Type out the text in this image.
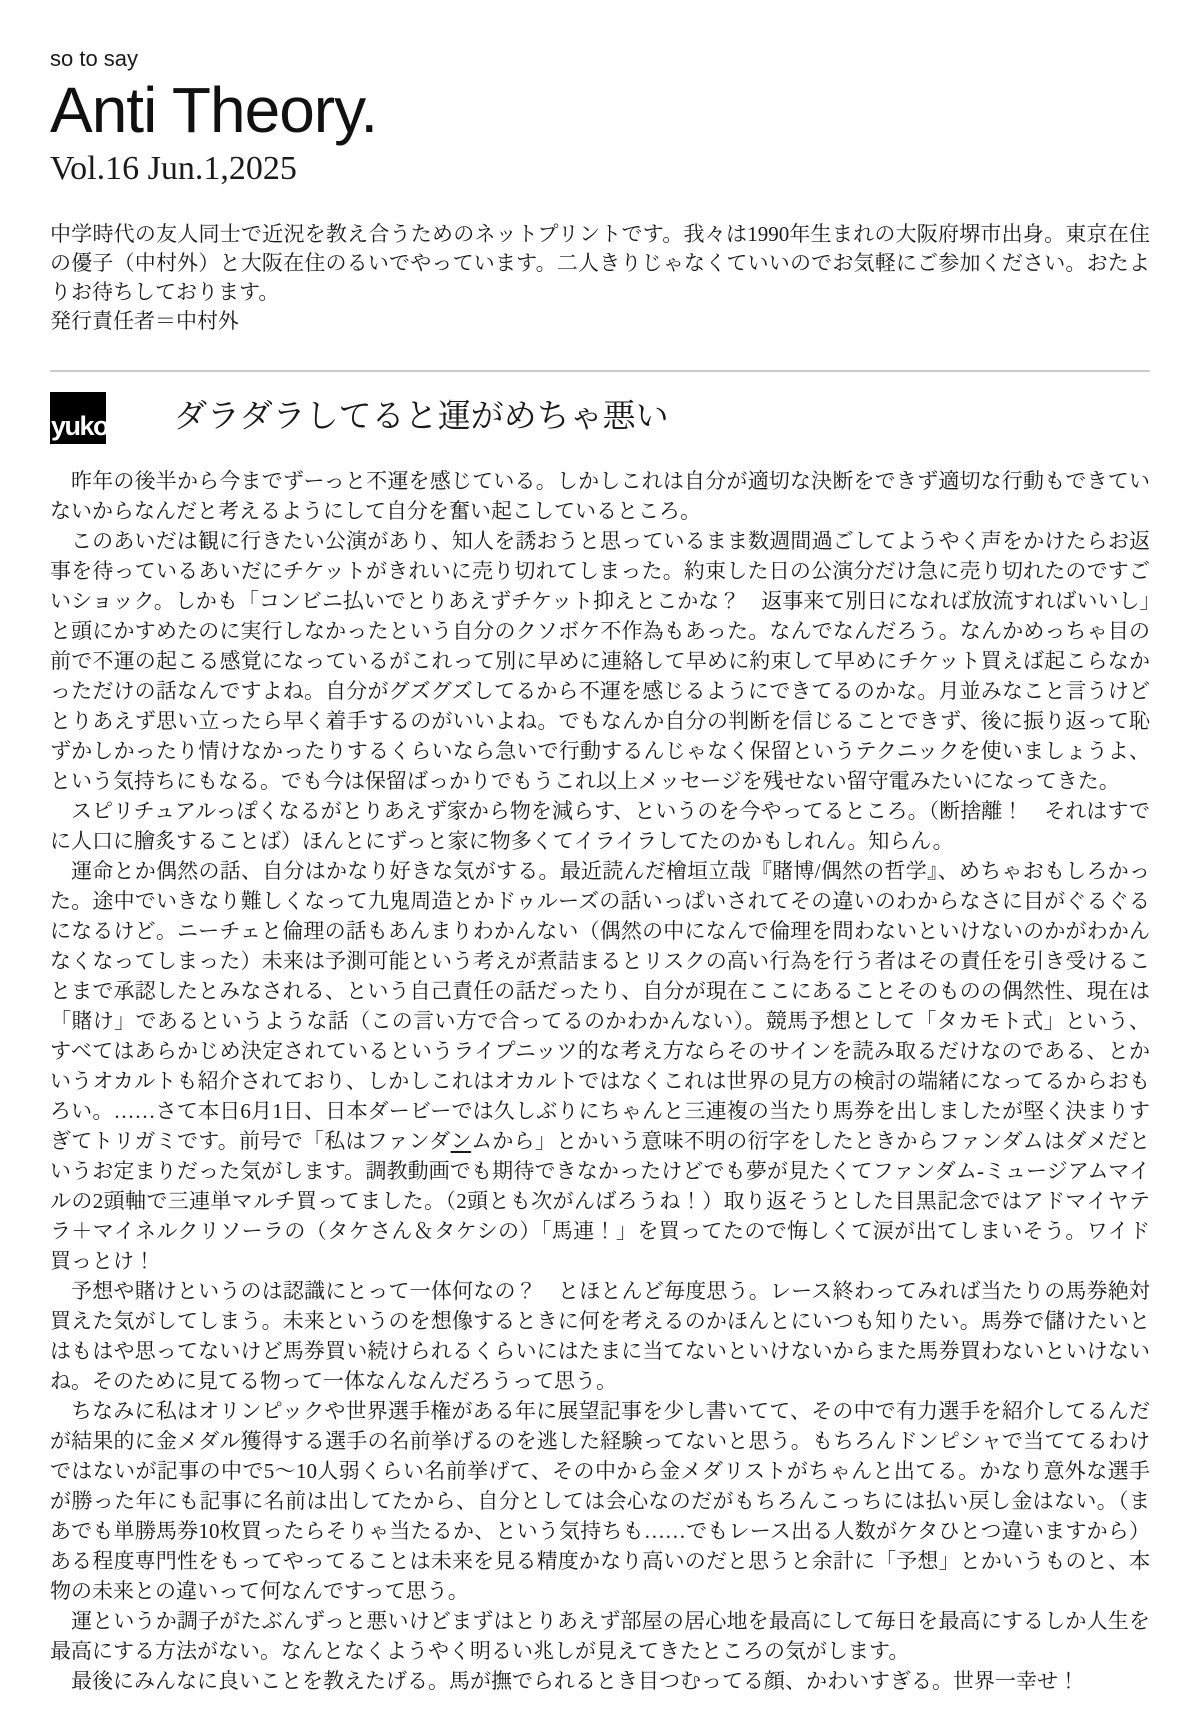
so to say
Anti Theory.
Vol.16 Jun.1,2025

中学時代の友人同士で近況を教え合うためのネットプリントです。我々は1990年生まれの大阪府堺市出身。東京在住の優子（中村外）と大阪在住のるいでやっています。二人きりじゃなくていいのでお気軽にご参加ください。おたよりお待ちしております。

発行責任者＝中村外

yuko ダラダラしてると運がめちゃ悪い

昨年の後半から今までずーっと不運を感じている。しかしこれは自分が適切な決断をできず適切な行動もできていないからなんだと考えるようにして自分を奮い起こしているところ。

このあいだは観に行きたい公演があり、知人を誘おうと思っているまま数週間過ごしてようやく声をかけたらお返事を待っているあいだにチケットがきれいに売り切れてしまった。約束した日の公演分だけ急に売り切れたのですごいショック。しかも「コンビニ払いでとりあえずチケット抑えとこかな？　返事来て別日になれば放流すればいいし」と頭にかすめたのに実行しなかったという自分のクソボケ不作為もあった。なんでなんだろう。なんかめっちゃ目の前で不運の起こる感覚になっているがこれって別に早めに連絡して早めに約束して早めにチケット買えば起こらなかっただけの話なんですよね。自分がグズグズしてるから不運を感じるようにできてるのかな。月並みなこと言うけどとりあえず思い立ったら早く着手するのがいいよね。でもなんか自分の判断を信じることできず、後に振り返って恥ずかしかったり情けなかったりするくらいなら急いで行動するんじゃなく保留というテクニックを使いましょうよ、という気持ちにもなる。でも今は保留ばっかりでもうこれ以上メッセージを残せない留守電みたいになってきた。

スピリチュアルっぽくなるがとりあえず家から物を減らす、というのを今やってるところ。（断捨離！　それはすでに人口に膾炙することば）ほんとにずっと家に物多くてイライラしてたのかもしれん。知らん。

運命とか偶然の話、自分はかなり好きな気がする。最近読んだ檜垣立哉『賭博/偶然の哲学』、めちゃおもしろかった。途中でいきなり難しくなって九鬼周造とかドゥルーズの話いっぱいされてその違いのわからなさに目がぐるぐるになるけど。ニーチェと倫理の話もあんまりわかんない（偶然の中になんで倫理を問わないといけないのかがわかんなくなってしまった）未来は予測可能という考えが煮詰まるとリスクの高い行為を行う者はその責任を引き受けることまで承認したとみなされる、という自己責任の話だったり、自分が現在ここにあることそのものの偶然性、現在は「賭け」であるというような話（この言い方で合ってるのかわかんない）。競馬予想として「タカモト式」という、すべてはあらかじめ決定されているというライプニッツ的な考え方ならそのサインを読み取るだけなのである、とかいうオカルトも紹介されており、しかしこれはオカルトではなくこれは世界の見方の検討の端緒になってるからおもろい。……さて本日6月1日、日本ダービーでは久しぶりにちゃんと三連複の当たり馬券を出しましたが堅く決まりすぎてトリガミです。前号で「私はファンダンムから」とかいう意味不明の衍字をしたときからファンダムはダメだというお定まりだった気がします。調教動画でも期待できなかったけどでも夢が見たくてファンダム-ミュージアムマイルの2頭軸で三連単マルチ買ってました。（2頭とも次がんばろうね！）取り返そうとした目黒記念ではアドマイヤテラ＋マイネルクリソーラの（タケさん＆タケシの）「馬連！」を買ってたので悔しくて涙が出てしまいそう。ワイド買っとけ！

予想や賭けというのは認識にとって一体何なの？　とほとんど毎度思う。レース終わってみれば当たりの馬券絶対買えた気がしてしまう。未来というのを想像するときに何を考えるのかほんとにいつも知りたい。馬券で儲けたいとはもはや思ってないけど馬券買い続けられるくらいにはたまに当てないといけないからまた馬券買わないといけないね。そのために見てる物って一体なんなんだろうって思う。

ちなみに私はオリンピックや世界選手権がある年に展望記事を少し書いてて、その中で有力選手を紹介してるんだが結果的に金メダル獲得する選手の名前挙げるのを逃した経験ってないと思う。もちろんドンピシャで当ててるわけではないが記事の中で5〜10人弱くらい名前挙げて、その中から金メダリストがちゃんと出てる。かなり意外な選手が勝った年にも記事に名前は出してたから、自分としては会心なのだがもちろんこっちには払い戻し金はない。（まあでも単勝馬券10枚買ったらそりゃ当たるか、という気持ちも……でもレース出る人数がケタひとつ違いますから）ある程度専門性をもってやってることは未来を見る精度かなり高いのだと思うと余計に「予想」とかいうものと、本物の未来との違いって何なんですって思う。

運というか調子がたぶんずっと悪いけどまずはとりあえず部屋の居心地を最高にして毎日を最高にするしか人生を最高にする方法がない。なんとなくようやく明るい兆しが見えてきたところの気がします。

最後にみんなに良いことを教えたげる。馬が撫でられるとき目つむってる顔、かわいすぎる。世界一幸せ！
